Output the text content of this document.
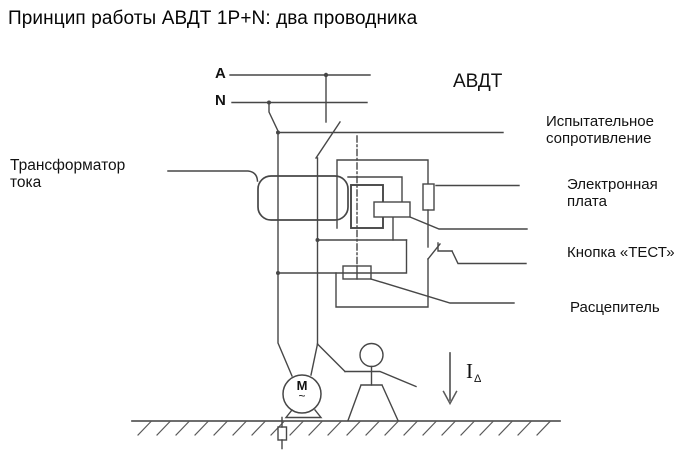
Принцип работы АВДТ 1P+N: два проводника
А
N
АВДТ
Трансформатор тока
Испытательное сопротивление
Электронная плата
Кнопка «ТЕСТ»
Расцепитель
М
~
IΔ
